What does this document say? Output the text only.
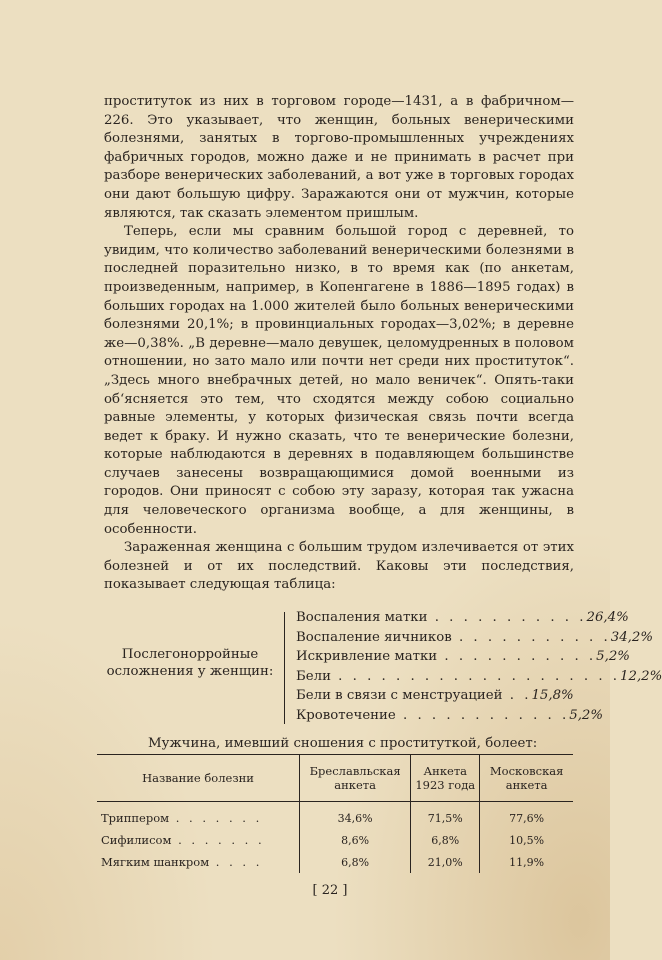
проституток из них в торговом городе—1431, а в фабричном—226. Это указывает, что женщин, больных венерическими болезнями, занятых в торгово-промышленных учреждениях фабричных городов, можно даже и не принимать в расчет при разборе венерических заболеваний, а вот уже в торговых городах они дают большую цифру. Заражаются они от мужчин, которые являются, так сказать элементом пришлым.

Теперь, если мы сравним большой город с деревней, то увидим, что количество заболеваний венерическими болезнями в последней поразительно низко, в то время как (по анкетам, произведенным, например, в Копенгагене в 1886—1895 годах) в больших городах на 1.000 жителей было больных венерическими болезнями 20,1%; в провинциальных городах—3,02%; в деревне же—0,38%. „В деревне—мало девушек, целомудренных в половом отношении, но зато мало или почти нет среди них проституток“. „Здесь много внебрачных детей, но мало веничек“. Опять-таки об‘ясняется это тем, что сходятся между собою социально равные элементы, у которых физическая связь почти всегда ведет к браку. И нужно сказать, что те венерические болезни, которые наблюдаются в деревнях в подавляющем большинстве случаев занесены возвращающимися домой военными из городов. Они приносят с собою эту заразу, которая так ужасна для человеческого организма вообще, а для женщины, в особенности.

Зараженная женщина с большим трудом излечивается от этих болезней и от их последствий. Каковы эти последствия, показывает следующая таблица:

Послегонорройные осложнения у женщин:
Воспаления матки . . . . . . . . . . . 26,4%
Воспаление яичников . . . . . . . . . . . 34,2%
Искривление матки . . . . . . . . . . . 5,2%
Бели . . . . . . . . . . . . . . . . . . . . 12,2%
Бели в связи с менструацией . . 15,8%
Кровотечение . . . . . . . . . . . . 5,2%
Мужчина, имевший сношения с проституткой, болеет:
Название болезни	Бреславльская анкета	Анкета 1923 года	Московская анкета
Триппером . . . . . . .	34,6%	71,5%	77,6%
Сифилисом . . . . . . .	8,6%	6,8%	10,5%
Мягким шанкром . . . .	6,8%	21,0%	11,9%
[ 22 ]
